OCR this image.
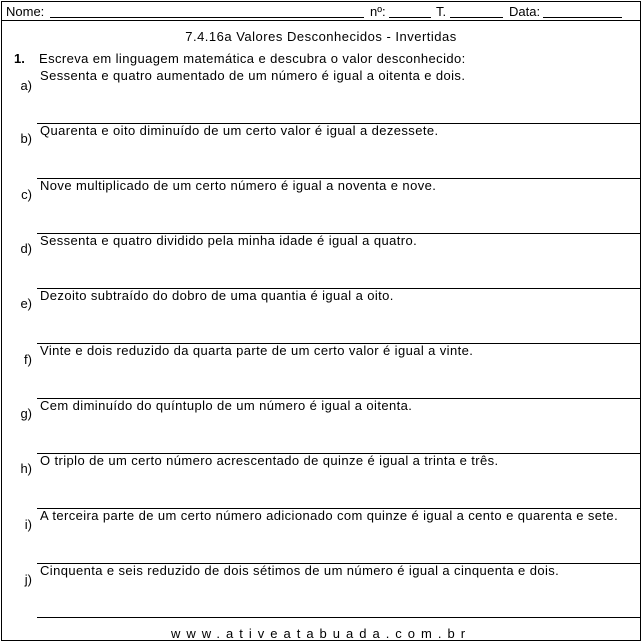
Nome:	nº:	T.	Data:
7.4.16a Valores Desconhecidos - Invertidas
1. Escreva em linguagem matemática e descubra o valor desconhecido:
a)
Sessenta e quatro aumentado de um número é igual a oitenta e dois.
b)
Quarenta e oito diminuído de um certo valor é igual a dezessete.
c)
Nove multiplicado de um certo número é igual a noventa e nove.
d)
Sessenta e quatro dividido pela minha idade é igual a quatro.
e)
Dezoito subtraído do dobro de uma quantia é igual a oito.
f)
Vinte e dois reduzido da quarta parte de um certo valor é igual a vinte.
g)
Cem diminuído do quíntuplo de um número é igual a oitenta.
h)
O triplo de um certo número acrescentado de quinze é igual a trinta e três.
i)
A terceira parte de um certo número adicionado com quinze é igual a cento e quarenta e sete.
j)
Cinquenta e seis reduzido de dois sétimos de um número é igual a cinquenta e dois.
www.ativeatabuada.com.br
